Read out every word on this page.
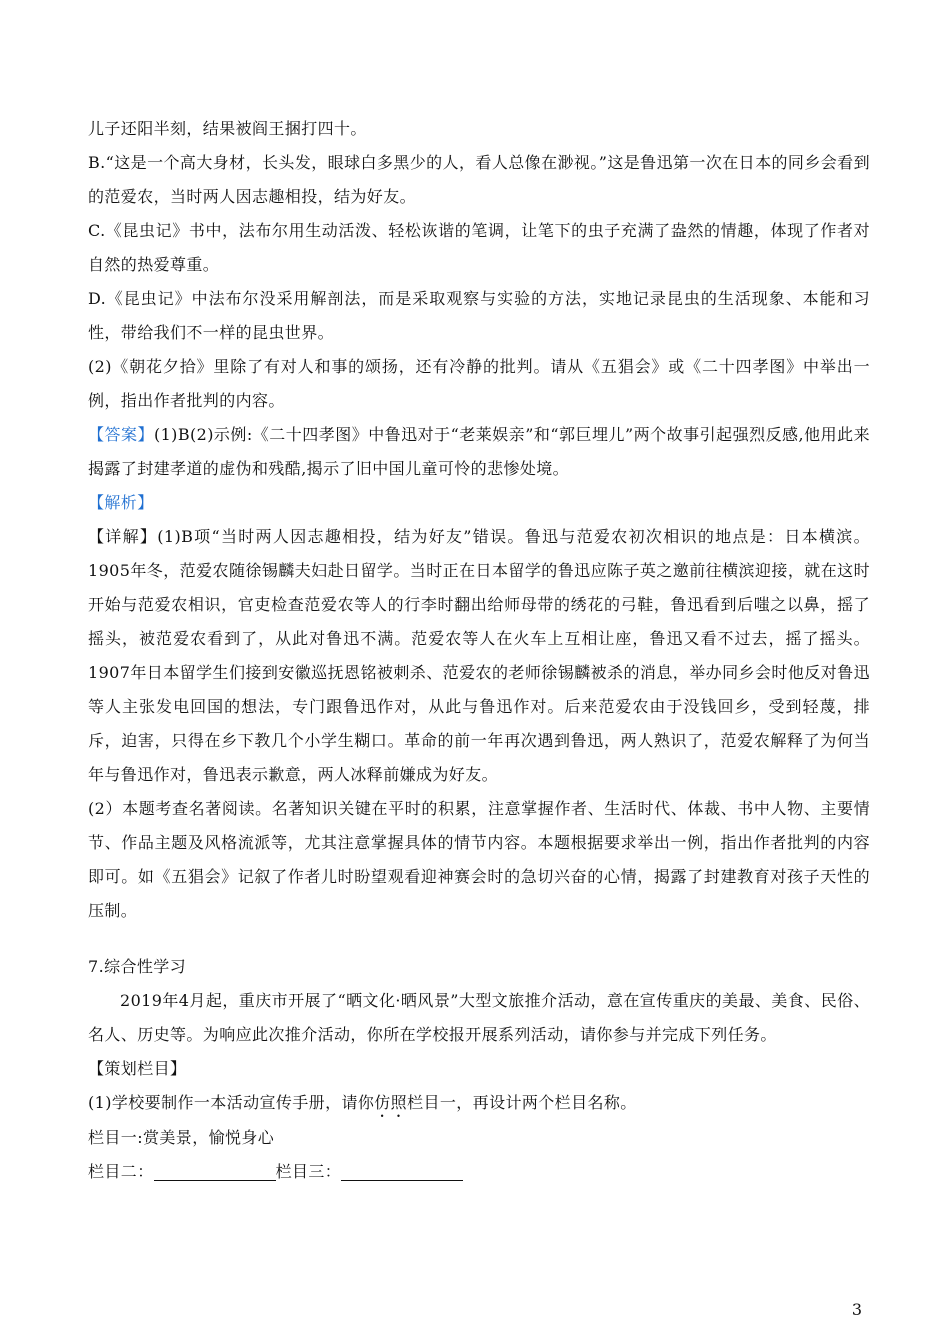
儿子还阳半刻，结果被阎王捆打四十。

B.“这是一个高大身材，长头发，眼球白多黑少的人，看人总像在渺视。”这是鲁迅第一次在日本的同乡会看到的范爱农，当时两人因志趣相投，结为好友。

C.《昆虫记》书中，法布尔用生动活泼、轻松诙谐的笔调，让笔下的虫子充满了盎然的情趣，体现了作者对自然的热爱尊重。

D.《昆虫记》中法布尔没采用解剖法，而是采取观察与实验的方法，实地记录昆虫的生活现象、本能和习性，带给我们不一样的昆虫世界。

(2)《朝花夕拾》里除了有对人和事的颂扬，还有冷静的批判。请从《五猖会》或《二十四孝图》中举出一例，指出作者批判的内容。

【答案】(1)B(2)示例:《二十四孝图》中鲁迅对于“老莱娱亲”和“郭巨埋儿”两个故事引起强烈反感,他用此来揭露了封建孝道的虚伪和残酷,揭示了旧中国儿童可怜的悲惨处境。

【解析】

【详解】(1)B项“当时两人因志趣相投，结为好友”错误。鲁迅与范爱农初次相识的地点是：日本横滨。1905年冬，范爱农随徐锡麟夫妇赴日留学。当时正在日本留学的鲁迅应陈子英之邀前往横滨迎接，就在这时开始与范爱农相识，官吏检查范爱农等人的行李时翻出给师母带的绣花的弓鞋，鲁迅看到后嗤之以鼻，摇了摇头，被范爱农看到了，从此对鲁迅不满。范爱农等人在火车上互相让座，鲁迅又看不过去，摇了摇头。1907年日本留学生们接到安徽巡抚恩铭被刺杀、范爱农的老师徐锡麟被杀的消息，举办同乡会时他反对鲁迅等人主张发电回国的想法，专门跟鲁迅作对，从此与鲁迅作对。后来范爱农由于没钱回乡，受到轻蔑，排斥，迫害，只得在乡下教几个小学生糊口。革命的前一年再次遇到鲁迅，两人熟识了，范爱农解释了为何当年与鲁迅作对，鲁迅表示歉意，两人冰释前嫌成为好友。

(2）本题考查名著阅读。名著知识关键在平时的积累，注意掌握作者、生活时代、体裁、书中人物、主要情节、作品主题及风格流派等，尤其注意掌握具体的情节内容。本题根据要求举出一例，指出作者批判的内容即可。如《五猖会》记叙了作者儿时盼望观看迎神赛会时的急切兴奋的心情，揭露了封建教育对孩子天性的压制。

7.综合性学习

2019年4月起，重庆市开展了“晒文化·晒风景”大型文旅推介活动，意在宣传重庆的美最、美食、民俗、名人、历史等。为响应此次推介活动，你所在学校报开展系列活动，请你参与并完成下列任务。

【策划栏目】

(1)学校要制作一本活动宣传手册，请你仿照栏目一，再设计两个栏目名称。

栏目一:赏美景，愉悦身心

栏目二：	栏目三：

3
